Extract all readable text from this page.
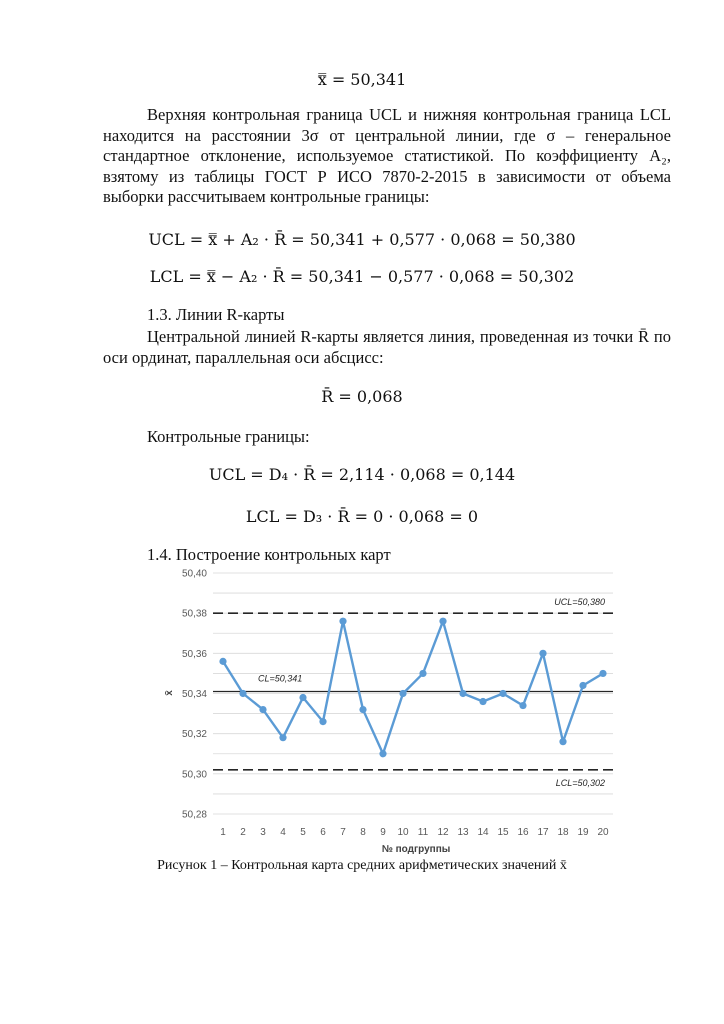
x̿ = 50,341
Верхняя контрольная граница UCL и нижняя контрольная граница LCL находится на расстоянии 3σ от центральной линии, где σ – генеральное стандартное отклонение, используемое статистикой. По коэффициенту A₂, взятому из таблицы ГОСТ Р ИСО 7870-2-2015 в зависимости от объема выборки рассчитываем контрольные границы:
UCL = x̿ + A₂ · R̄ = 50,341 + 0,577 · 0,068 = 50,380
LCL = x̿ − A₂ · R̄ = 50,341 − 0,577 · 0,068 = 50,302
1.3. Линии R-карты
Центральной линией R-карты является линия, проведенная из точки R̄ по оси ординат, параллельная оси абсцисс:
R̄ = 0,068
Контрольные границы:
UCL = D₄ · R̄ = 2,114 · 0,068 = 0,144
LCL = D₃ · R̄ = 0 · 0,068 = 0
1.4. Построение контрольных карт
50,28
50,30
50,32
50,34
50,36
50,38
50,40
1 2 3 4 5 6 7 8 9 10 11 12 13 14 15 16 17 18 19 20
UCL=50,380
CL=50,341
LCL=50,302
№ подгруппы
x̄
Рисунок 1 – Контрольная карта средних арифметических значений x̄
